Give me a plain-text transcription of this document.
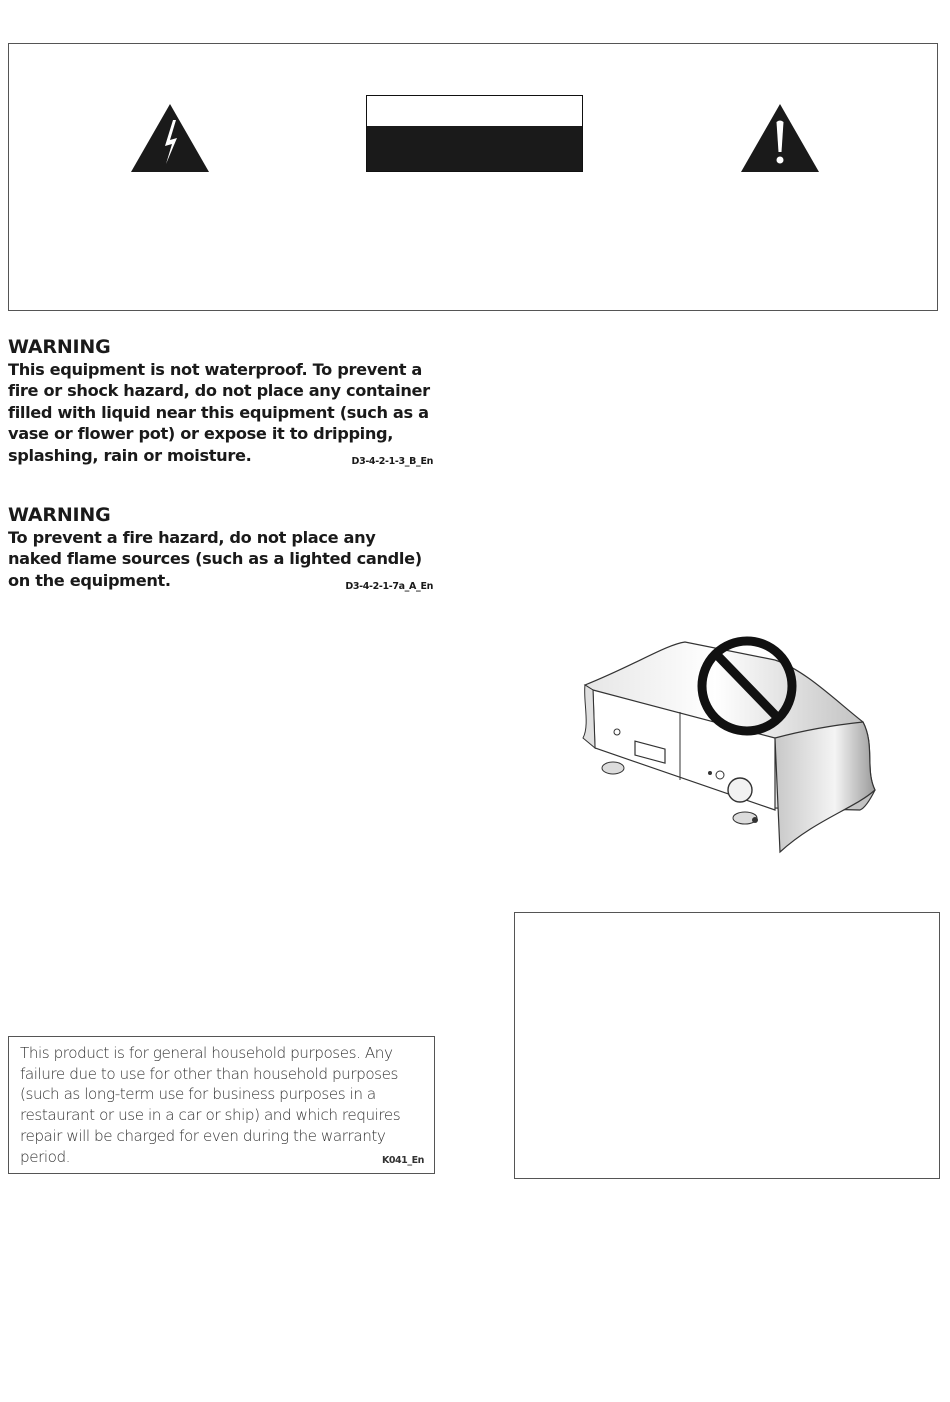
WARNING

This equipment is not waterproof. To prevent a fire or shock hazard, do not place any container filled with liquid near this equipment (such as a vase or flower pot) or expose it to dripping, splashing, rain or moisture.	D3-4-2-1-3_B_En

WARNING

To prevent a fire hazard, do not place any naked flame sources (such as a lighted candle) on the equipment.	D3-4-2-1-7a_A_En

This product is for general household purposes. Any failure due to use for other than household purposes (such as long-term use for business purposes in a restaurant or use in a car or ship) and which requires repair will be charged for even during the warranty period.	K041_En
